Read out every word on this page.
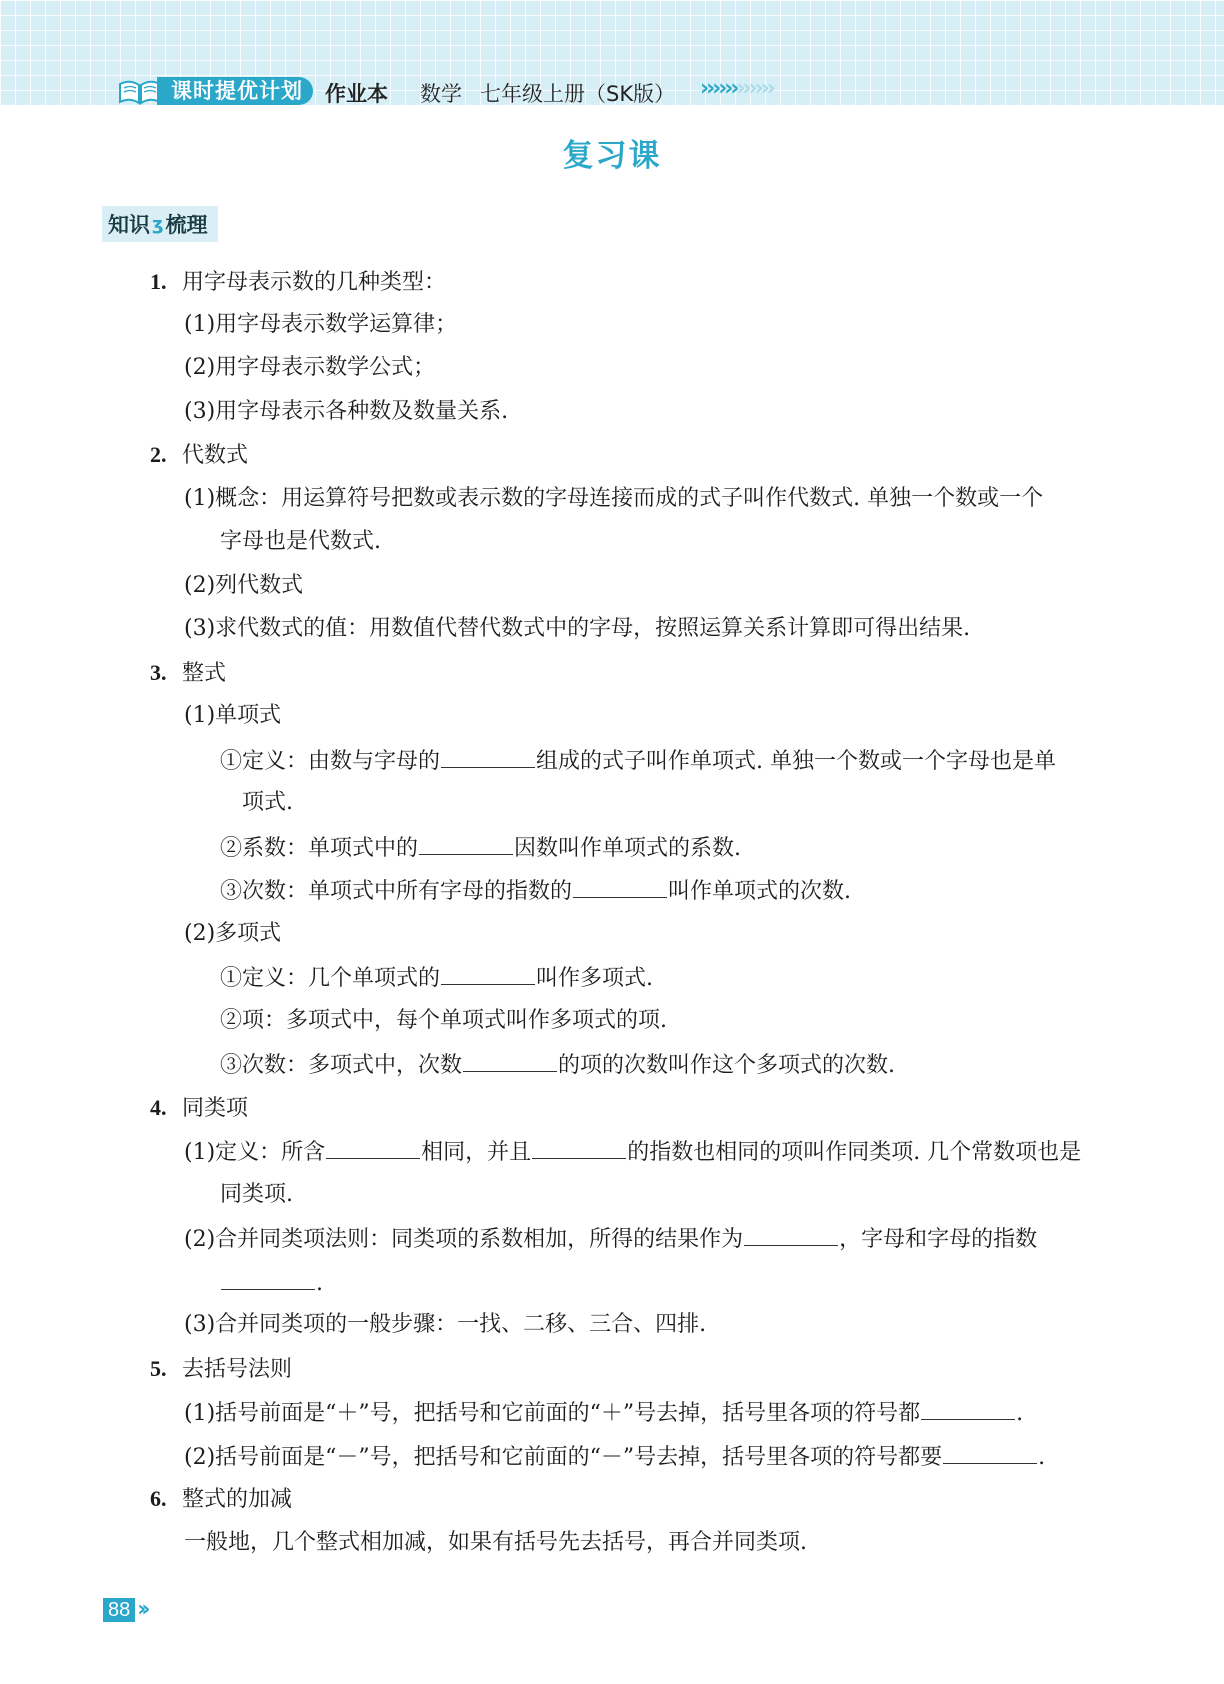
课时提优计划	作业本 数学 七年级上册（SK版） ››››››››››››
复习课
知识 ʒ 梳理
1. 用字母表示数的几种类型：
(1)用字母表示数学运算律；
(2)用字母表示数学公式；
(3)用字母表示各种数及数量关系.
2. 代数式
(1)概念：用运算符号把数或表示数的字母连接而成的式子叫作代数式. 单独一个数或一个
字母也是代数式.
(2)列代数式
(3)求代数式的值：用数值代替代数式中的字母，按照运算关系计算即可得出结果.
3. 整式
(1)单项式
①定义：由数与字母的	组成的式子叫作单项式. 单独一个数或一个字母也是单
项式.
②系数：单项式中的	因数叫作单项式的系数.
③次数：单项式中所有字母的指数的	叫作单项式的次数.
(2)多项式
①定义：几个单项式的	叫作多项式.
②项：多项式中，每个单项式叫作多项式的项.
③次数：多项式中，次数	的项的次数叫作这个多项式的次数.
4. 同类项
(1)定义：所含	相同，并且	的指数也相同的项叫作同类项. 几个常数项也是
同类项.
(2)合并同类项法则：同类项的系数相加，所得的结果作为	，字母和字母的指数
.
(3)合并同类项的一般步骤：一找、二移、三合、四排.
5. 去括号法则
(1)括号前面是“＋”号，把括号和它前面的“＋”号去掉，括号里各项的符号都	.
(2)括号前面是“－”号，把括号和它前面的“－”号去掉，括号里各项的符号都要	.
6. 整式的加减
一般地，几个整式相加减，如果有括号先去括号，再合并同类项.
88 ››
